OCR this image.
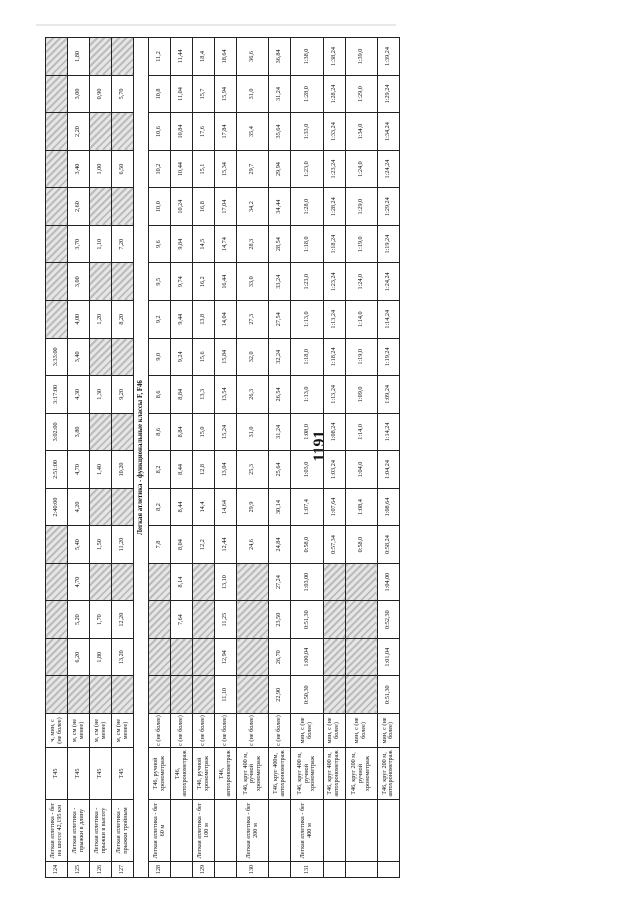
1191
124	Легкая атлетика - бег на шоссе 42,195 км	T45	ч, мин, с (не более)						2:40:00	2:51:00	3:02:00	3:17:00	3:33:00								
125	Легкая атлетика - прыжки в длину	T45	м, см (не менее)		6,20	5,20	4,70	5,40	4,20	4,70	3,80	4,30	3,40	4,00	3,00	3,70	2,60	3,40	2,20	3,00	1,80
126	Легкая атлетика - прыжки в высоту	T45	м, см (не менее)		1,80	1,70		1,50		1,40		1,30		1,20		1,10		1,00		0,90	
127	Легкая атлетика - прыжки тройным	T45	м, см (не менее)		13,20	12,20		11,20		10,20		9,20		8,20		7,20		6,50		5,70	
Легкая атлетика - функциональные классы F, F46																					
128	Легкая атлетика - бег 60 м	Т46, ручной хронометраж	с (не более)					7,8	8,2	8,2	8,6	8,6	9,0	9,2	9,5	9,6	10,0	10,2	10,6	10,8	11,2
		Т46, автохронометраж	с (не более)			7,64	8,14	8,04	8,44	8,44	8,84	8,84	9,24	9,44	9,74	9,84	10,24	10,44	10,84	11,04	11,44
129	Легкая атлетика - бег 100 м	Т46, ручной хронометраж	с (не более)					12,2	14,4	12,8	15,0	13,3	15,6	13,8	16,2	14,5	16,8	15,1	17,6	15,7	18,4
		Т46, автохронометраж	с (не более)	11,10	12,94	11,25	13,10	12,44	14,64	13,04	15,24	13,54	15,84	14,04	16,44	14,74	17,04	15,34	17,84	15,94	18,64
130	Легкая атлетика - бег 200 м	Т46, круг 400 м, ручной хронометраж	с (не более)					24,6	29,9	25,3	31,0	26,3	32,0	27,3	33,0	28,3	34,2	29,7	35,4	31,0	36,6
		Т46, круг 400м, автохронометраж	с (не более)	22,90	26,70	23,50	27,24	24,84	30,14	25,64	31,24	26,54	32,24	27,54	33,24	28,54	34,44	29,94	35,64	31,24	36,84
131	Легкая атлетика - бег 400 м	Т46, круг 400 м, ручной хронометраж	мин, с (не более)	0:50,30	1:00,04	0:51,30	1:03,00	0:58,0	1:07,4	1:03,0	1:08,0	1:13,0	1:18,0	1:13,0	1:23,0	1:18,0	1:28,0	1:23,0	1:33,0	1:28,0	1:38,0
		Т46, круг 400 м, автохронометраж	мин, с (не более)					0:57,34	1:07,64	1:03,24	1:08,24	1:13,24	1:18,24	1:13,24	1:23,24	1:18,24	1:28,24	1:23,24	1:33,24	1:28,24	1:38,24
		Т46, круг 200 м, ручной хронометраж	мин, с (не более)					0:58,0	1:08,4	1:04,0	1:14,0	1:09,0	1:19,0	1:14,0	1:24,0	1:19,0	1:29,0	1:24,0	1:34,0	1:29,0	1:39,0
		Т46, круг 200 м, автохронометраж	мин, с (не более)	0:51,30	1:01,04	0:52,30	1:04,00	0:58,24	1:08,64	1:04,24	1:14,24	1:09,24	1:19,24	1:14,24	1:24,24	1:19,24	1:29,24	1:24,24	1:34,24	1:29,24	1:39,24
